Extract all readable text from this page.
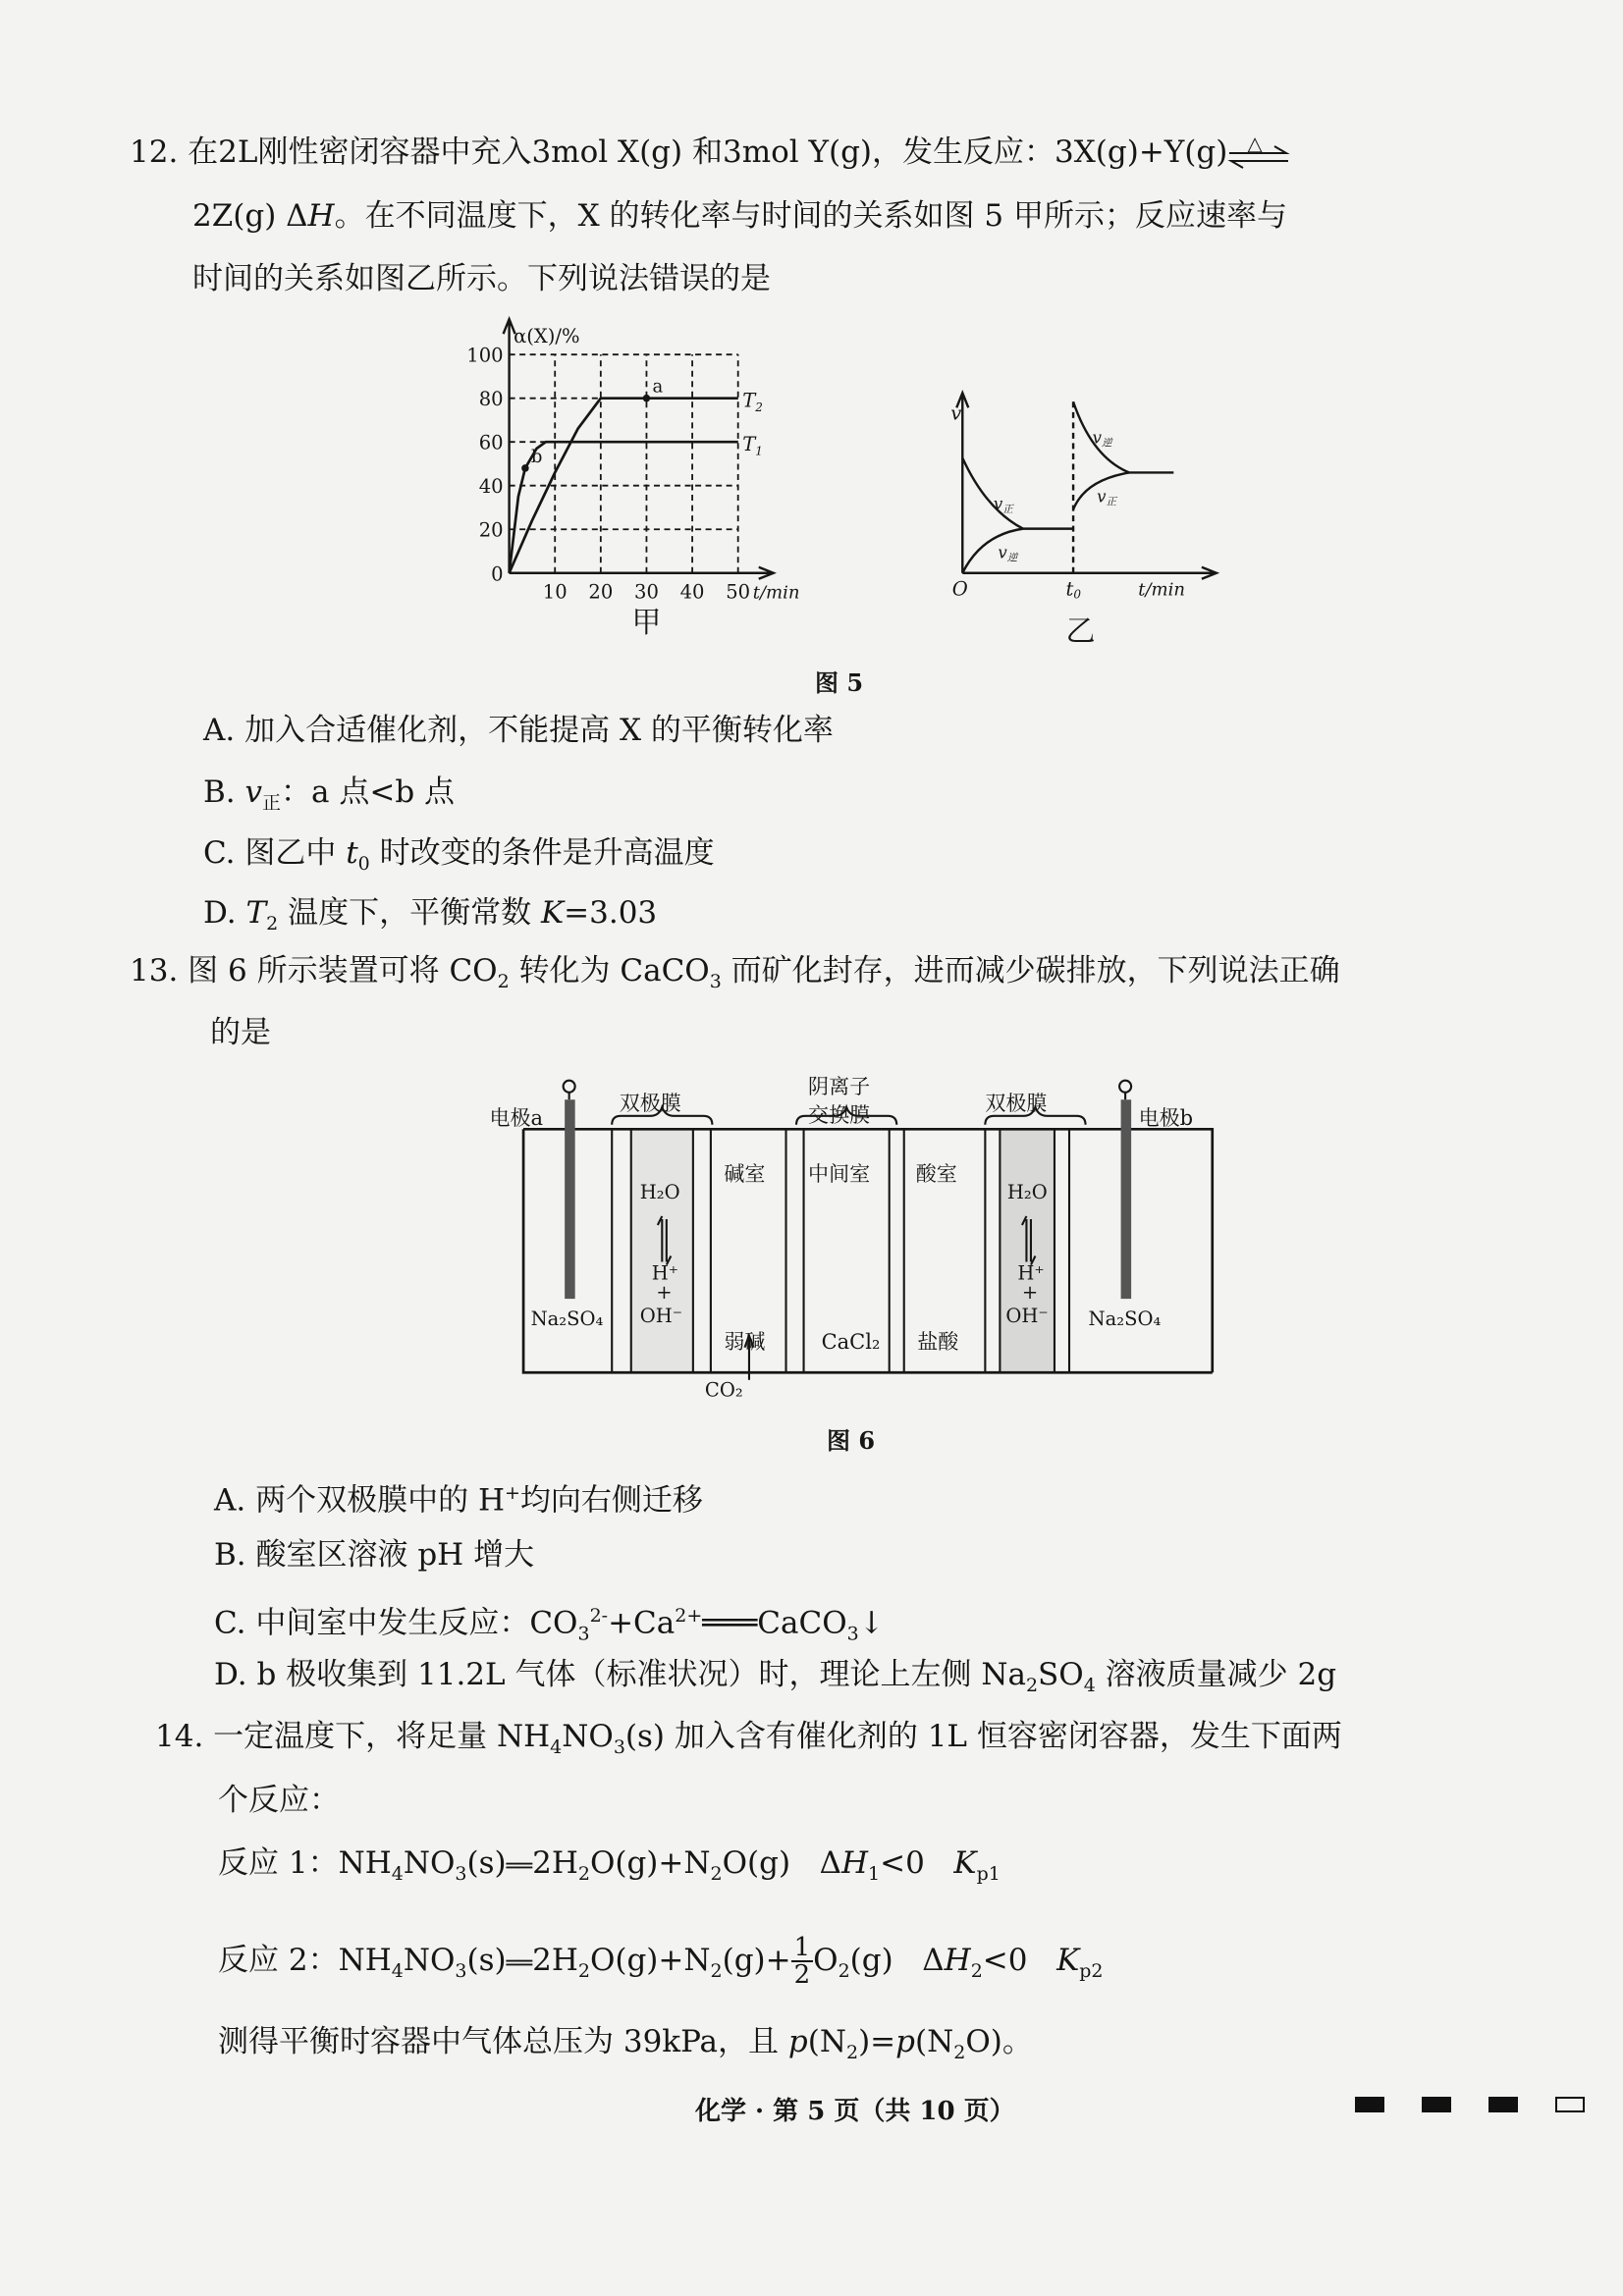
12. 在2L刚性密闭容器中充入3mol X(g) 和3mol Y(g)，发生反应：3X(g)+Y(g) △
2Z(g) ΔH。在不同温度下，X 的转化率与时间的关系如图 5 甲所示；反应速率与
时间的关系如图乙所示。下列说法错误的是
$T_2$
$T_1$
a
b
0
20
40
60
80
100
10 20 30 40 50
α(X)/%
t/min
v
O	t0	t/min
v正
v逆
v逆
v正
乙
甲
图 5
A. 加入合适催化剂，不能提高 X 的平衡转化率
B. $v_正$：a 点<b 点
C. 图乙中 $t_0$ 时改变的条件是升高温度
D. $T_2$ 温度下，平衡常数 K=3.03
13. 图 6 所示装置可将 $CO_2$ 转化为 CaCO$_3$ 而矿化封存，进而减少碳排放，下列说法正确
的是
电极a	电极b
双极膜	双极膜
阴离子
交换膜
碱室	中间室	酸室
H₂O	H₂O
H⁺	H⁺
+	+
OH⁻	OH⁻
Na₂SO₄	Na₂SO₄
弱碱	CaCl₂	盐酸
CO₂
图 6
A. 两个双极膜中的 H+均向右侧迁移
B. 酸室区溶液 pH 增大
C. 中间室中发生反应：$CO_3^{2-}+Ca^{2+}═══CaCO_3↓$
D. b 极收集到 11.2L 气体（标准状况）时，理论上左侧 $Na_2SO_4$ 溶液质量减少 2g
14. 一定温度下，将足量 $NH_4NO_3(s)$ 加入含有催化剂的 1L 恒容密闭容器，发生下面两
个反应：
反应 1：$NH_4NO_3(s)══2H_2O(g)+N_2O(g)$   $\Delta H_1<0$   $K_{p1}$
反应 2：$NH_4NO_3(s)══2H_2O(g)+N_2(g)+ \frac{1}{2} O_2(g)$   $\Delta H_2<0$   $K_{p2}$
测得平衡时容器中气体总压为 39kPa，且 $p(N_2)=p(N_2O)$。
化学 · 第 5 页（共 10 页）
